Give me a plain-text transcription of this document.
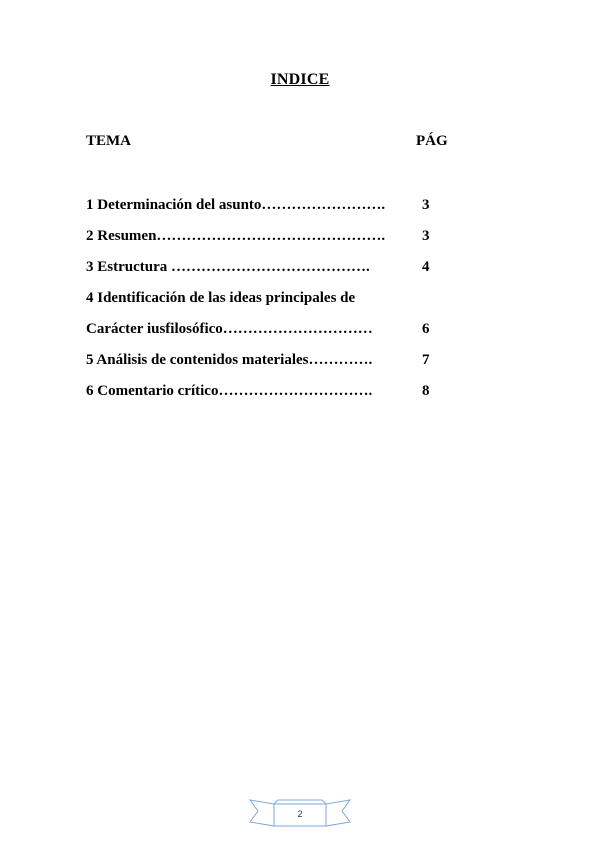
INDICE
TEMA	PÁG
1 Determinación del asunto……………………. 3
2 Resumen………………………………………. 3
3 Estructura ………………………………….	4
4 Identificación de las ideas principales de
Carácter iusfilosófico…………………………	6
5 Análisis de contenidos materiales………….	7
6 Comentario crítico………………………….	8
2
